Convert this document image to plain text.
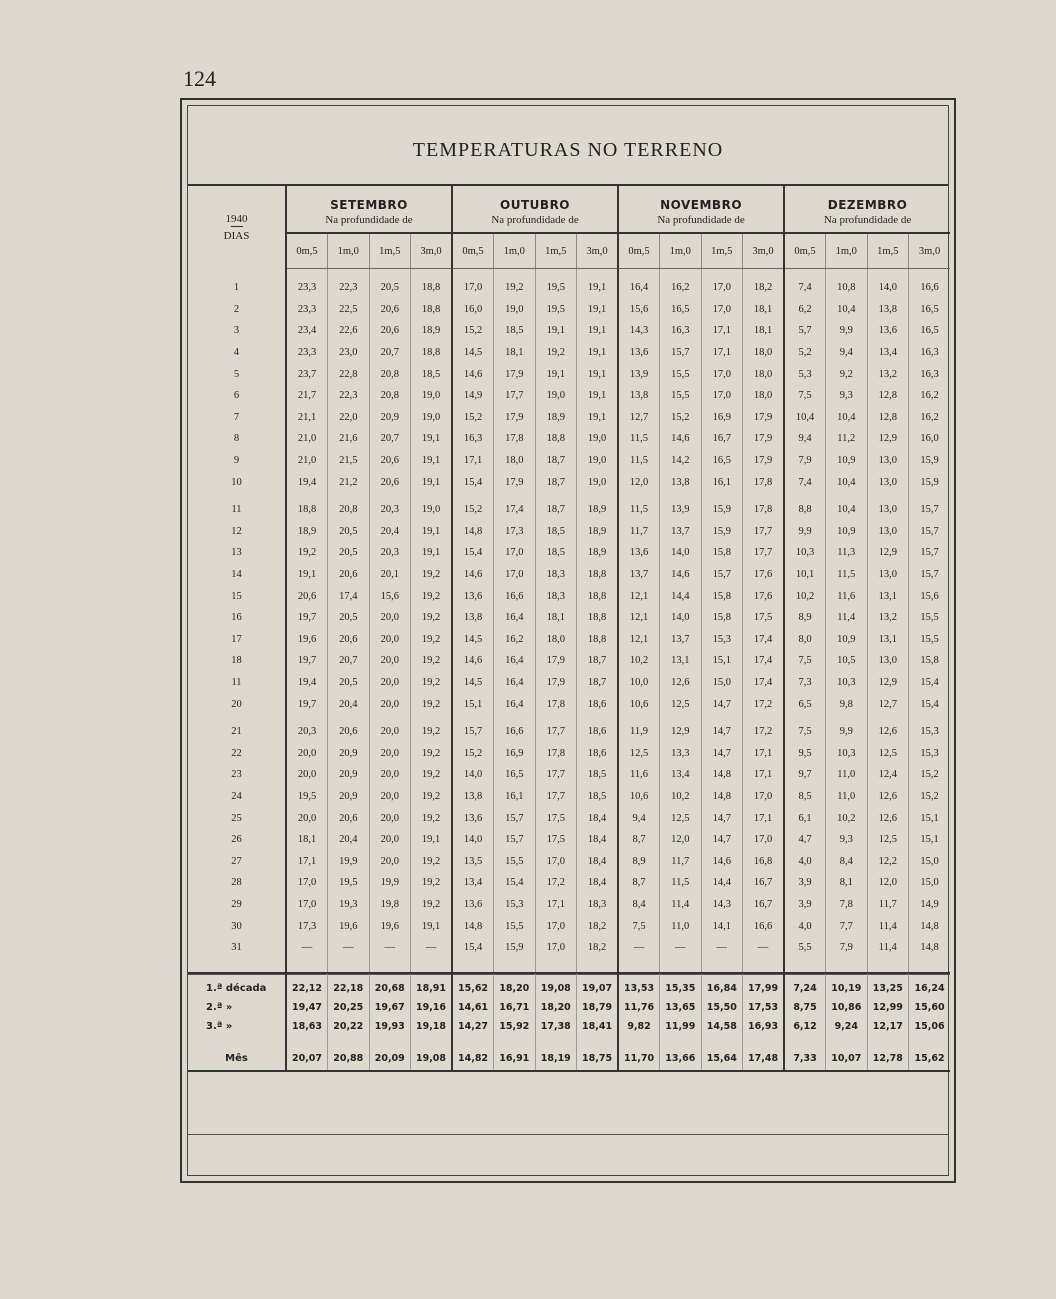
124
TEMPERATURAS NO TERRENO
1940
DIAS	SETEMBRO				OUTUBRO				NOVEMBRO				DEZEMBRO			
	Na profundidade de				Na profundidade de				Na profundidade de				Na profundidade de			
	0m,5	1m,0	1m,5	3m,0	0m,5	1m,0	1m,5	3m,0	0m,5	1m,0	1m,5	3m,0	0m,5	1m,0	1m,5	3m,0
1	23,3	22,3	20,5	18,8	17,0	19,2	19,5	19,1	16,4	16,2	17,0	18,2	7,4	10,8	14,0	16,6
2	23,3	22,5	20,6	18,8	16,0	19,0	19,5	19,1	15,6	16,5	17,0	18,1	6,2	10,4	13,8	16,5
3	23,4	22,6	20,6	18,9	15,2	18,5	19,1	19,1	14,3	16,3	17,1	18,1	5,7	9,9	13,6	16,5
4	23,3	23,0	20,7	18,8	14,5	18,1	19,2	19,1	13,6	15,7	17,1	18,0	5,2	9,4	13,4	16,3
5	23,7	22,8	20,8	18,5	14,6	17,9	19,1	19,1	13,9	15,5	17,0	18,0	5,3	9,2	13,2	16,3
6	21,7	22,3	20,8	19,0	14,9	17,7	19,0	19,1	13,8	15,5	17,0	18,0	7,5	9,3	12,8	16,2
7	21,1	22,0	20,9	19,0	15,2	17,9	18,9	19,1	12,7	15,2	16,9	17,9	10,4	10,4	12,8	16,2
8	21,0	21,6	20,7	19,1	16,3	17,8	18,8	19,0	11,5	14,6	16,7	17,9	9,4	11,2	12,9	16,0
9	21,0	21,5	20,6	19,1	17,1	18,0	18,7	19,0	11,5	14,2	16,5	17,9	7,9	10,9	13,0	15,9
10	19,4	21,2	20,6	19,1	15,4	17,9	18,7	19,0	12,0	13,8	16,1	17,8	7,4	10,4	13,0	15,9

11	18,8	20,8	20,3	19,0	15,2	17,4	18,7	18,9	11,5	13,9	15,9	17,8	8,8	10,4	13,0	15,7
12	18,9	20,5	20,4	19,1	14,8	17,3	18,5	18,9	11,7	13,7	15,9	17,7	9,9	10,9	13,0	15,7
13	19,2	20,5	20,3	19,1	15,4	17,0	18,5	18,9	13,6	14,0	15,8	17,7	10,3	11,3	12,9	15,7
14	19,1	20,6	20,1	19,2	14,6	17,0	18,3	18,8	13,7	14,6	15,7	17,6	10,1	11,5	13,0	15,7
15	20,6	17,4	15,6	19,2	13,6	16,6	18,3	18,8	12,1	14,4	15,8	17,6	10,2	11,6	13,1	15,6
16	19,7	20,5	20,0	19,2	13,8	16,4	18,1	18,8	12,1	14,0	15,8	17,5	8,9	11,4	13,2	15,5
17	19,6	20,6	20,0	19,2	14,5	16,2	18,0	18,8	12,1	13,7	15,3	17,4	8,0	10,9	13,1	15,5
18	19,7	20,7	20,0	19,2	14,6	16,4	17,9	18,7	10,2	13,1	15,1	17,4	7,5	10,5	13,0	15,8
11	19,4	20,5	20,0	19,2	14,5	16,4	17,9	18,7	10,0	12,6	15,0	17,4	7,3	10,3	12,9	15,4
20	19,7	20,4	20,0	19,2	15,1	16,4	17,8	18,6	10,6	12,5	14,7	17,2	6,5	9,8	12,7	15,4

21	20,3	20,6	20,0	19,2	15,7	16,6	17,7	18,6	11,9	12,9	14,7	17,2	7,5	9,9	12,6	15,3
22	20,0	20,9	20,0	19,2	15,2	16,9	17,8	18,6	12,5	13,3	14,7	17,1	9,5	10,3	12,5	15,3
23	20,0	20,9	20,0	19,2	14,0	16,5	17,7	18,5	11,6	13,4	14,8	17,1	9,7	11,0	12,4	15,2
24	19,5	20,9	20,0	19,2	13,8	16,1	17,7	18,5	10,6	10,2	14,8	17,0	8,5	11,0	12,6	15,2
25	20,0	20,6	20,0	19,2	13,6	15,7	17,5	18,4	9,4	12,5	14,7	17,1	6,1	10,2	12,6	15,1
26	18,1	20,4	20,0	19,1	14,0	15,7	17,5	18,4	8,7	12,0	14,7	17,0	4,7	9,3	12,5	15,1
27	17,1	19,9	20,0	19,2	13,5	15,5	17,0	18,4	8,9	11,7	14,6	16,8	4,0	8,4	12,2	15,0
28	17,0	19,5	19,9	19,2	13,4	15,4	17,2	18,4	8,7	11,5	14,4	16,7	3,9	8,1	12,0	15,0
29	17,0	19,3	19,8	19,2	13,6	15,3	17,1	18,3	8,4	11,4	14,3	16,7	3,9	7,8	11,7	14,9
30	17,3	19,6	19,6	19,1	14,8	15,5	17,0	18,2	7,5	11,0	14,1	16,6	4,0	7,7	11,4	14,8
31	—	—	—	—	15,4	15,9	17,0	18,2	—	—	—	—	5,5	7,9	11,4	14,8

1.ª década	22,12	22,18	20,68	18,91	15,62	18,20	19,08	19,07	13,53	15,35	16,84	17,99	7,24	10,19	13,25	16,24
2.ª »	19,47	20,25	19,67	19,16	14,61	16,71	18,20	18,79	11,76	13,65	15,50	17,53	8,75	10,86	12,99	15,60
3.ª »	18,63	20,22	19,93	19,18	14,27	15,92	17,38	18,41	9,82	11,99	14,58	16,93	6,12	9,24	12,17	15,06

Mês	20,07	20,88	20,09	19,08	14,82	16,91	18,19	18,75	11,70	13,66	15,64	17,48	7,33	10,07	12,78	15,62
